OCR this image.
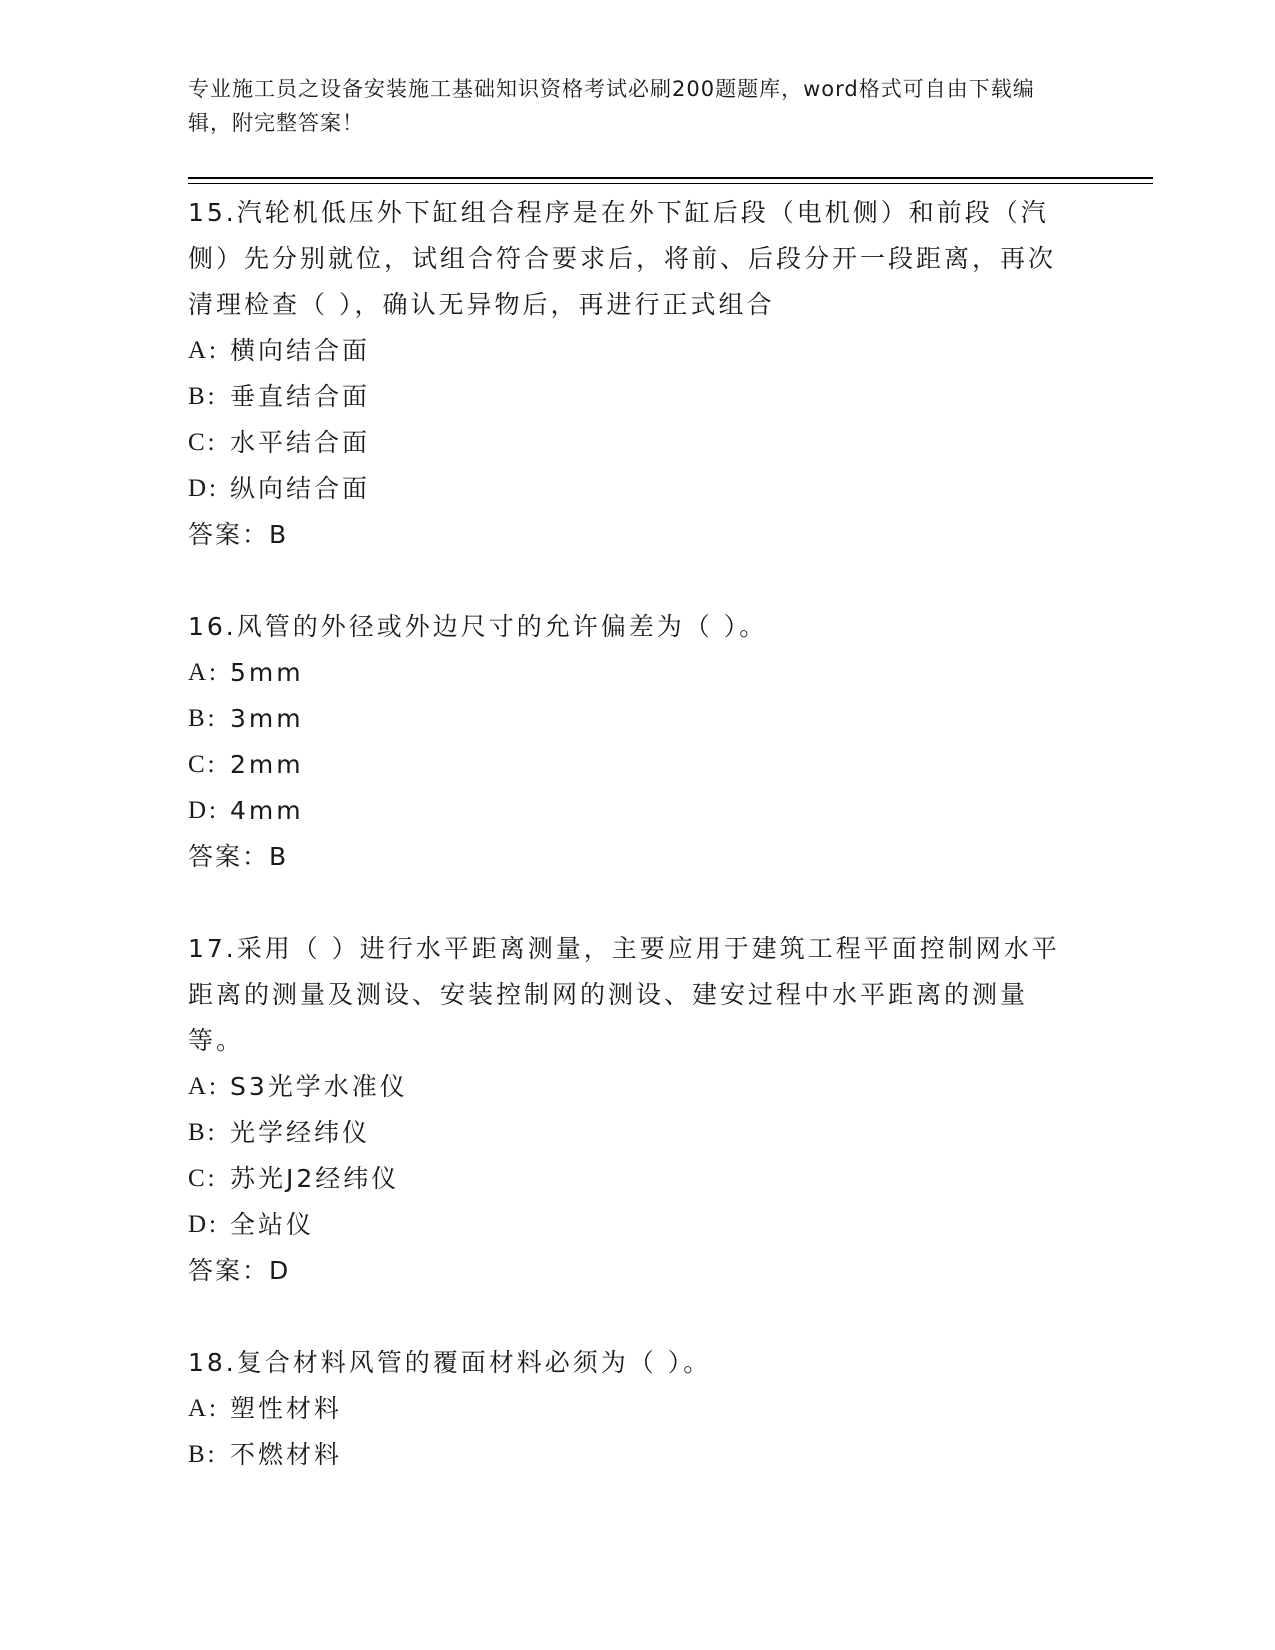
专业施工员之设备安装施工基础知识资格考试必刷200题题库，word格式可自由下载编辑，附完整答案！

15.汽轮机低压外下缸组合程序是在外下缸后段（电机侧）和前段（汽侧）先分别就位，试组合符合要求后，将前、后段分开一段距离，再次清理检查（ ），确认无异物后，再进行正式组合

A: 横向结合面

B: 垂直结合面

C: 水平结合面

D: 纵向结合面

答案：B

16.风管的外径或外边尺寸的允许偏差为（ ）。

A: 5mm

B: 3mm

C: 2mm

D: 4mm

答案：B

17.采用（ ）进行水平距离测量，主要应用于建筑工程平面控制网水平距离的测量及测设、安装控制网的测设、建安过程中水平距离的测量等。

A: S3光学水准仪

B: 光学经纬仪

C: 苏光J2经纬仪

D: 全站仪

答案：D

18.复合材料风管的覆面材料必须为（ ）。

A: 塑性材料

B: 不燃材料
